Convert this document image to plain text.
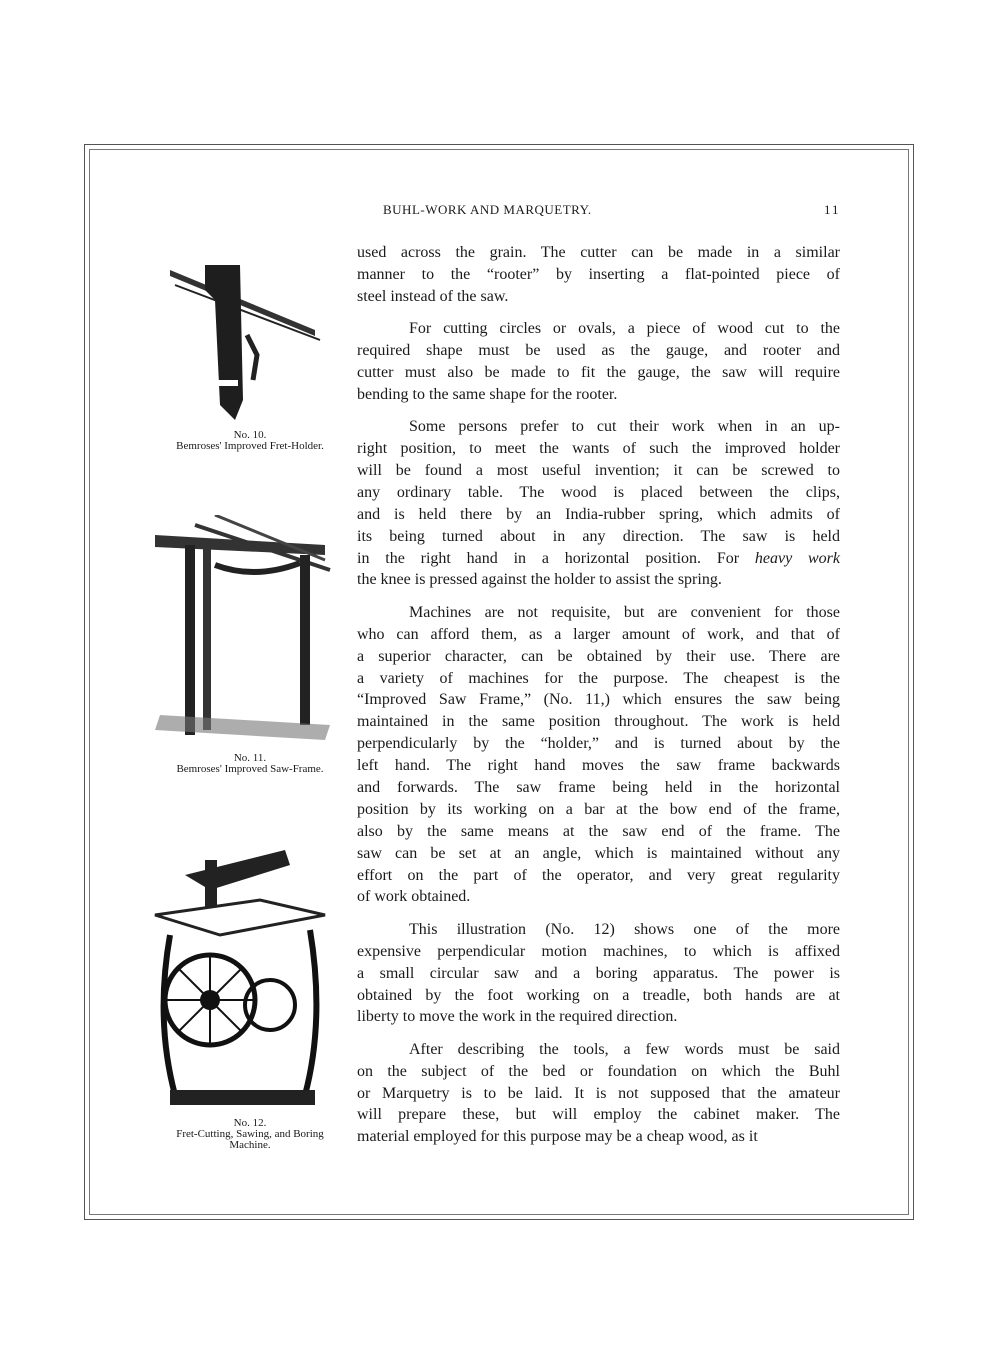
BUHL-WORK AND MARQUETRY.	11
No. 10.
Bemroses' Improved Fret-Holder.
No. 11.
Bemroses' Improved Saw-Frame.
No. 12.
Fret-Cutting, Sawing, and Boring
Machine.
used across the grain. The cutter can be made in a similar
manner to the “rooter” by inserting a flat-pointed piece of
steel instead of the saw.
For cutting circles or ovals, a piece of wood cut to the
required shape must be used as the gauge, and rooter and
cutter must also be made to fit the gauge, the saw will require
bending to the same shape for the rooter.
Some persons prefer to cut their work when in an up-
right position, to meet the wants of such the improved holder
will be found a most useful invention; it can be screwed to
any ordinary table. The wood is placed between the clips,
and is held there by an India-rubber spring, which admits of
its being turned about in any direction. The saw is held
in the right hand in a horizontal position. For heavy work
the knee is pressed against the holder to assist the spring.
Machines are not requisite, but are convenient for those
who can afford them, as a larger amount of work, and that of
a superior character, can be obtained by their use. There are
a variety of machines for the purpose. The cheapest is the
“Improved Saw Frame,” (No. 11,) which ensures the saw being
maintained in the same position throughout. The work is held
perpendicularly by the “holder,” and is turned about by the
left hand. The right hand moves the saw frame backwards
and forwards. The saw frame being held in the horizontal
position by its working on a bar at the bow end of the frame,
also by the same means at the saw end of the frame. The
saw can be set at an angle, which is maintained without any
effort on the part of the operator, and very great regularity
of work obtained.
This illustration (No. 12) shows one of the more
expensive perpendicular motion machines, to which is affixed
a small circular saw and a boring apparatus. The power is
obtained by the foot working on a treadle, both hands are at
liberty to move the work in the required direction.
After describing the tools, a few words must be said
on the subject of the bed or foundation on which the Buhl
or Marquetry is to be laid. It is not supposed that the amateur
will prepare these, but will employ the cabinet maker. The
material employed for this purpose may be a cheap wood, as it
